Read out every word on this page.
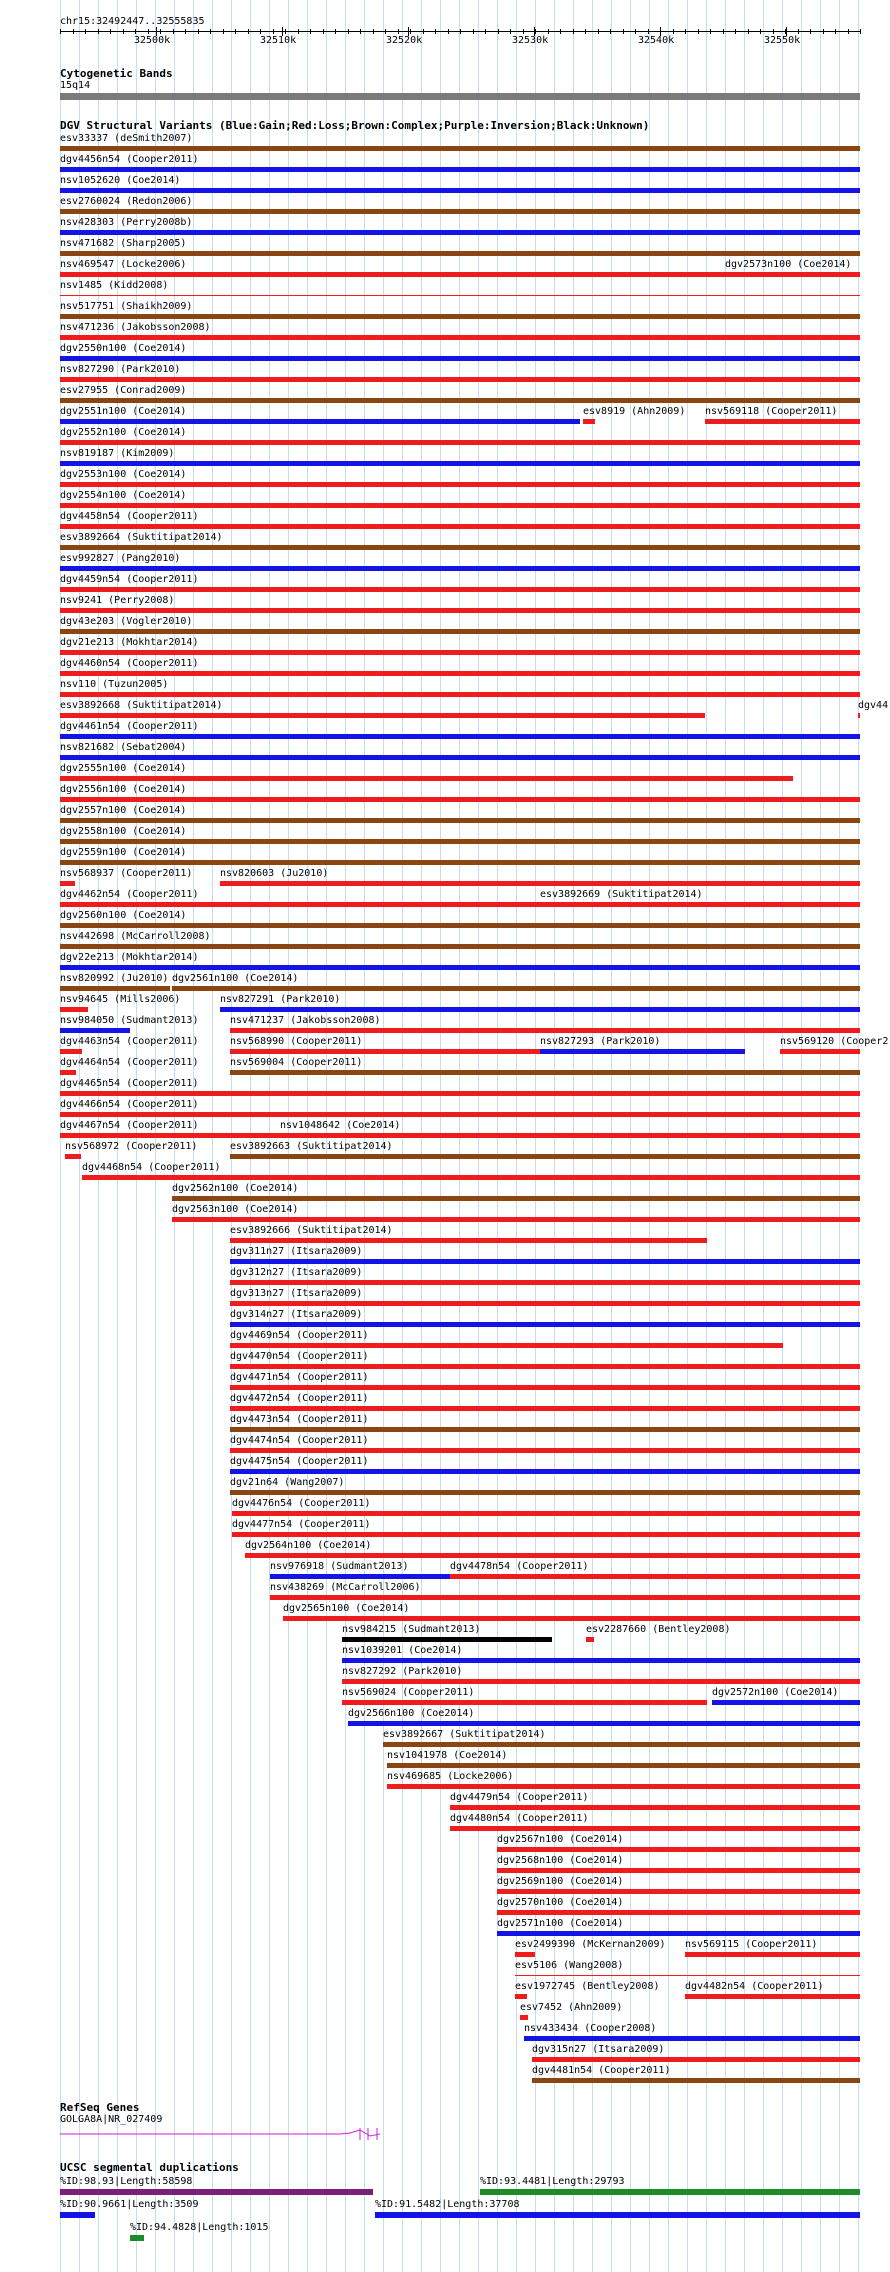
chr15:32492447..32555835
32500k	32510k	32520k	32530k	32540k	32550k
Cytogenetic Bands
15q14
DGV Structural Variants (Blue:Gain;Red:Loss;Brown:Complex;Purple:Inversion;Black:Unknown)
esv33337 (deSmith2007)
dgv4456n54 (Cooper2011)
nsv1052620 (Coe2014)
esv2760024 (Redon2006)
nsv428303 (Perry2008b)
nsv471682 (Sharp2005)
nsv469547 (Locke2006)	dgv2573n100 (Coe2014)
nsv1485 (Kidd2008)
nsv517751 (Shaikh2009)
nsv471236 (Jakobsson2008)
dgv2550n100 (Coe2014)
nsv827290 (Park2010)
esv27955 (Conrad2009)
dgv2551n100 (Coe2014)	esv8919 (Ahn2009) nsv569118 (Cooper2011)
dgv2552n100 (Coe2014)
nsv819187 (Kim2009)
dgv2553n100 (Coe2014)
dgv2554n100 (Coe2014)
dgv4458n54 (Cooper2011)
esv3892664 (Suktitipat2014)
esv992827 (Pang2010)
dgv4459n54 (Cooper2011)
nsv9241 (Perry2008)
dgv43e203 (Vogler2010)
dgv21e213 (Mokhtar2014)
dgv4460n54 (Cooper2011)
nsv110 (Tuzun2005)
esv3892668 (Suktitipat2014)	dgv44
dgv4461n54 (Cooper2011)
nsv821682 (Sebat2004)
dgv2555n100 (Coe2014)
dgv2556n100 (Coe2014)
dgv2557n100 (Coe2014)
dgv2558n100 (Coe2014)
dgv2559n100 (Coe2014)
nsv568937 (Cooper2011)	nsv820603 (Ju2010)
dgv4462n54 (Cooper2011)	esv3892669 (Suktitipat2014)
dgv2560n100 (Coe2014)
nsv442698 (McCarroll2008)
dgv22e213 (Mokhtar2014)
nsv820992 (Ju2010) dgv2561n100 (Coe2014)
nsv94645 (Mills2006)	nsv827291 (Park2010)
nsv984050 (Sudmant2013)	nsv471237 (Jakobsson2008)
dgv4463n54 (Cooper2011)	nsv568990 (Cooper2011)	nsv827293 (Park2010)	nsv569120 (Cooper2
dgv4464n54 (Cooper2011)	nsv569004 (Cooper2011)
dgv4465n54 (Cooper2011)
dgv4466n54 (Cooper2011)
dgv4467n54 (Cooper2011)	nsv1048642 (Coe2014)
nsv568972 (Cooper2011)	esv3892663 (Suktitipat2014)
dgv4468n54 (Cooper2011)
dgv2562n100 (Coe2014)
dgv2563n100 (Coe2014)
esv3892666 (Suktitipat2014)
dgv311n27 (Itsara2009)
dgv312n27 (Itsara2009)
dgv313n27 (Itsara2009)
dgv314n27 (Itsara2009)
dgv4469n54 (Cooper2011)
dgv4470n54 (Cooper2011)
dgv4471n54 (Cooper2011)
dgv4472n54 (Cooper2011)
dgv4473n54 (Cooper2011)
dgv4474n54 (Cooper2011)
dgv4475n54 (Cooper2011)
dgv21n64 (Wang2007)
dgv4476n54 (Cooper2011)
dgv4477n54 (Cooper2011)
dgv2564n100 (Coe2014)
nsv976918 (Sudmant2013)	dgv4478n54 (Cooper2011)
nsv438269 (McCarroll2006)
dgv2565n100 (Coe2014)
nsv984215 (Sudmant2013)	esv2287660 (Bentley2008)
nsv1039201 (Coe2014)
nsv827292 (Park2010)
nsv569024 (Cooper2011)	dgv2572n100 (Coe2014)
dgv2566n100 (Coe2014)
esv3892667 (Suktitipat2014)
nsv1041978 (Coe2014)
nsv469685 (Locke2006)
dgv4479n54 (Cooper2011)
dgv4480n54 (Cooper2011)
dgv2567n100 (Coe2014)
dgv2568n100 (Coe2014)
dgv2569n100 (Coe2014)
dgv2570n100 (Coe2014)
dgv2571n100 (Coe2014)
esv2499390 (McKernan2009) nsv569115 (Cooper2011)
esv5106 (Wang2008)
esv1972745 (Bentley2008)	dgv4482n54 (Cooper2011)
esv7452 (Ahn2009)
nsv433434 (Cooper2008)
dgv315n27 (Itsara2009)
dgv4481n54 (Cooper2011)
RefSeq Genes
GOLGA8A|NR_027409
UCSC segmental duplications
%ID:98.93|Length:58598	%ID:93.4481|Length:29793
%ID:90.9661|Length:3509	%ID:91.5482|Length:37708
%ID:94.4828|Length:1015
